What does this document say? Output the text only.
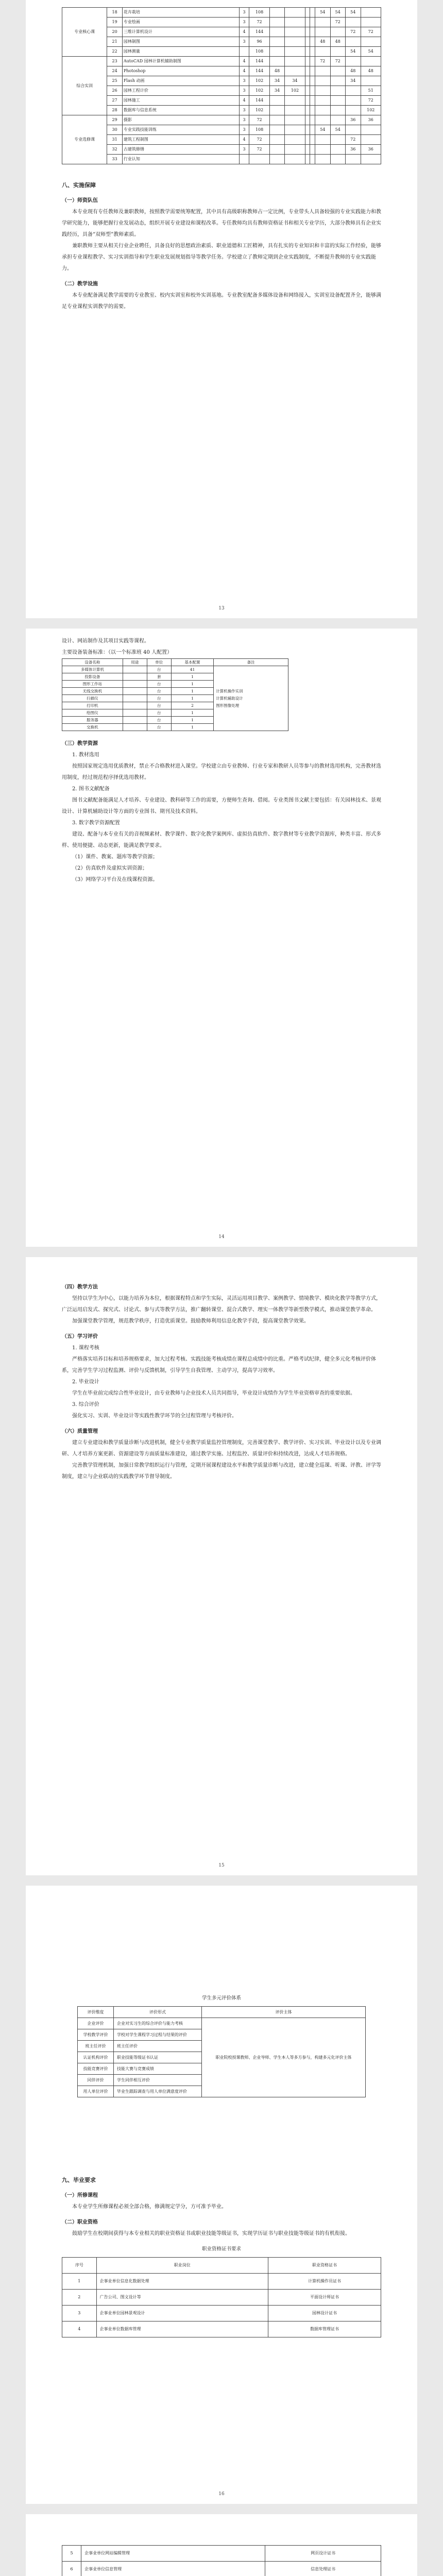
专业核心课	18	花卉栽培	3	108					54	54	54	
	19	专业绘画	3	72						72		
	20	三维计算机设计	4	144							72	72
	21	园林制图	3	96					48	48		
	22	园林测量		108							54	54
综合实训	23	AutoCAD 园林计算机辅助制图	4	144					72	72		
	24	Photoshop	4	144	48						48	48
	25	Flash 动画	3	102	34	34					34	
	26	园林工程计价	3	102	34	102						51
	27	园林施工	4	144								72
	28	数据库与信息系统	3	102								102
专业选修课	29	摄影	3	72							36	36
	30	专业实践技能训练	3	108					54	54		
	31	建筑工程制图	4	72							72	
	32	古建筑修缮	3	72							36	36
	33	行业认知										
八、实施保障
（一）师资队伍

本专业现有专任教师及兼职教师，按照教学需要统筹配置，其中具有高级职称教师占一定比例，专业带头人具备较强的专业实践能力和教学研究能力，能够把握行业发展动态，组织开展专业建设和课程改革。专任教师均具有教师资格证书和相关专业学历，大部分教师具有企业实践经历，具备“双师型”教师素质。

兼职教师主要从相关行业企业聘任，具备良好的思想政治素质、职业道德和工匠精神，具有扎实的专业知识和丰富的实际工作经验，能够承担专业课程教学、实习实训指导和学生职业发展规划指导等教学任务。学校建立了教师定期到企业实践制度，不断提升教师的专业实践能力。

（二）教学设施

本专业配备满足教学需要的专业教室、校内实训室和校外实训基地。专业教室配备多媒体设备和网络接入，实训室设备配置齐全，能够满足专业课程实训教学的需要。

13

设计、网站制作及其项目实践等课程。

主要设备装备标准：（以一个标准班 40 人配置）

设备名称	用途	单位	基本配置	备注
多媒体计算机		台	41	计算机操作实训
计算机辅助设计
图形图像处理
投影设备		套	1	
图形工作站		台	1	
无线交换机		台	1	
扫描仪		台	1	
打印机		台	2	
绘图仪		台	1	
服务器		台	1	
交换机		台	1	
（三）教学资源

1. 教材选用

按照国家规定选用优质教材，禁止不合格教材进入课堂。学校建立由专业教师、行业专家和教研人员等参与的教材选用机构，完善教材选用制度，经过规范程序择优选用教材。

2. 图书文献配备

图书文献配备能满足人才培养、专业建设、教科研等工作的需要，方便师生查询、借阅。专业类图书文献主要包括：有关园林技术、景观设计、计算机辅助设计等方面的专业图书、期刊及技术资料。

3. 数字教学资源配置

建设、配备与本专业有关的音视频素材、教学课件、数字化教学案例库、虚拟仿真软件、数字教材等专业教学资源库，种类丰富、形式多样、使用便捷、动态更新，能满足教学要求。

（1）课件、教案、题库等教学资源；

（2）仿真软件及虚拟实训资源；

（3）网络学习平台及在线课程资源。

14
（四）教学方法

坚持以学生为中心，以能力培养为本位，根据课程特点和学生实际，灵活运用项目教学、案例教学、情境教学、模块化教学等教学方式，广泛运用启发式、探究式、讨论式、参与式等教学方法，推广翻转课堂、混合式教学、理实一体教学等新型教学模式，推动课堂教学革命。

加强课堂教学管理，规范教学秩序，打造优质课堂。鼓励教师利用信息化教学手段，提高课堂教学效果。

（五）学习评价

1. 课程考核

严格落实培养目标和培养规格要求，加大过程考核、实践技能考核成绩在课程总成绩中的比重。严格考试纪律，健全多元化考核评价体系，完善学生学习过程监测、评价与反馈机制，引导学生自我管理、主动学习，提高学习效率。

2. 毕业设计

学生在毕业前完成综合性毕业设计，由专业教师与企业技术人员共同指导，毕业设计成绩作为学生毕业资格审查的重要依据。

3. 综合评价

强化实习、实训、毕业设计等实践性教学环节的全过程管理与考核评价。

（六）质量管理

建立专业建设和教学质量诊断与改进机制，健全专业教学质量监控管理制度，完善课堂教学、教学评价、实习实训、毕业设计以及专业调研、人才培养方案更新、资源建设等方面质量标准建设，通过教学实施、过程监控、质量评价和持续改进，达成人才培养规格。

完善教学管理机制，加强日常教学组织运行与管理，定期开展课程建设水平和教学质量诊断与改进，建立健全巡课、听课、评教、评学等制度，建立与企业联动的实践教学环节督导制度。

15
学生多元评价体系
评价维度	评价形式	评价主体
企业评价	企业对实习生的综合评价与能力考核	职业院校授课教师、企业导师、学生本人等多方参与，构建多元化评价主体
学校教学评价	学校对学生课程学习过程与结果的评价	
班主任评价	班主任评价	
认证机构评价	职业技能等级证书认证	
技能竞赛评价	技能大赛与竞赛成绩	
同伴评价	学生同伴相互评价	
用人单位评价	毕业生跟踪调查与用人单位满意度评价	
九、毕业要求
（一）所修课程

本专业学生所修课程必须全部合格，修满规定学分，方可准予毕业。

（二）职业资格

鼓励学生在校期间获得与本专业相关的职业资格证书或职业技能等级证书，实现学历证书与职业技能等级证书的有机衔接。

职业资格证书要求
序号	职业岗位	职业资格证书
1	企事业单位信息化数据处理	计算机操作员证书
2	广告公司、图文设计等	平面设计师证书
3	企事业单位园林景观设计	园林设计证书
4	企事业单位数据库管理	数据库管理证书
16
5	企事业单位网站编辑管理	网页设计证书
6	企事业单位信息管理	信息处理证书
